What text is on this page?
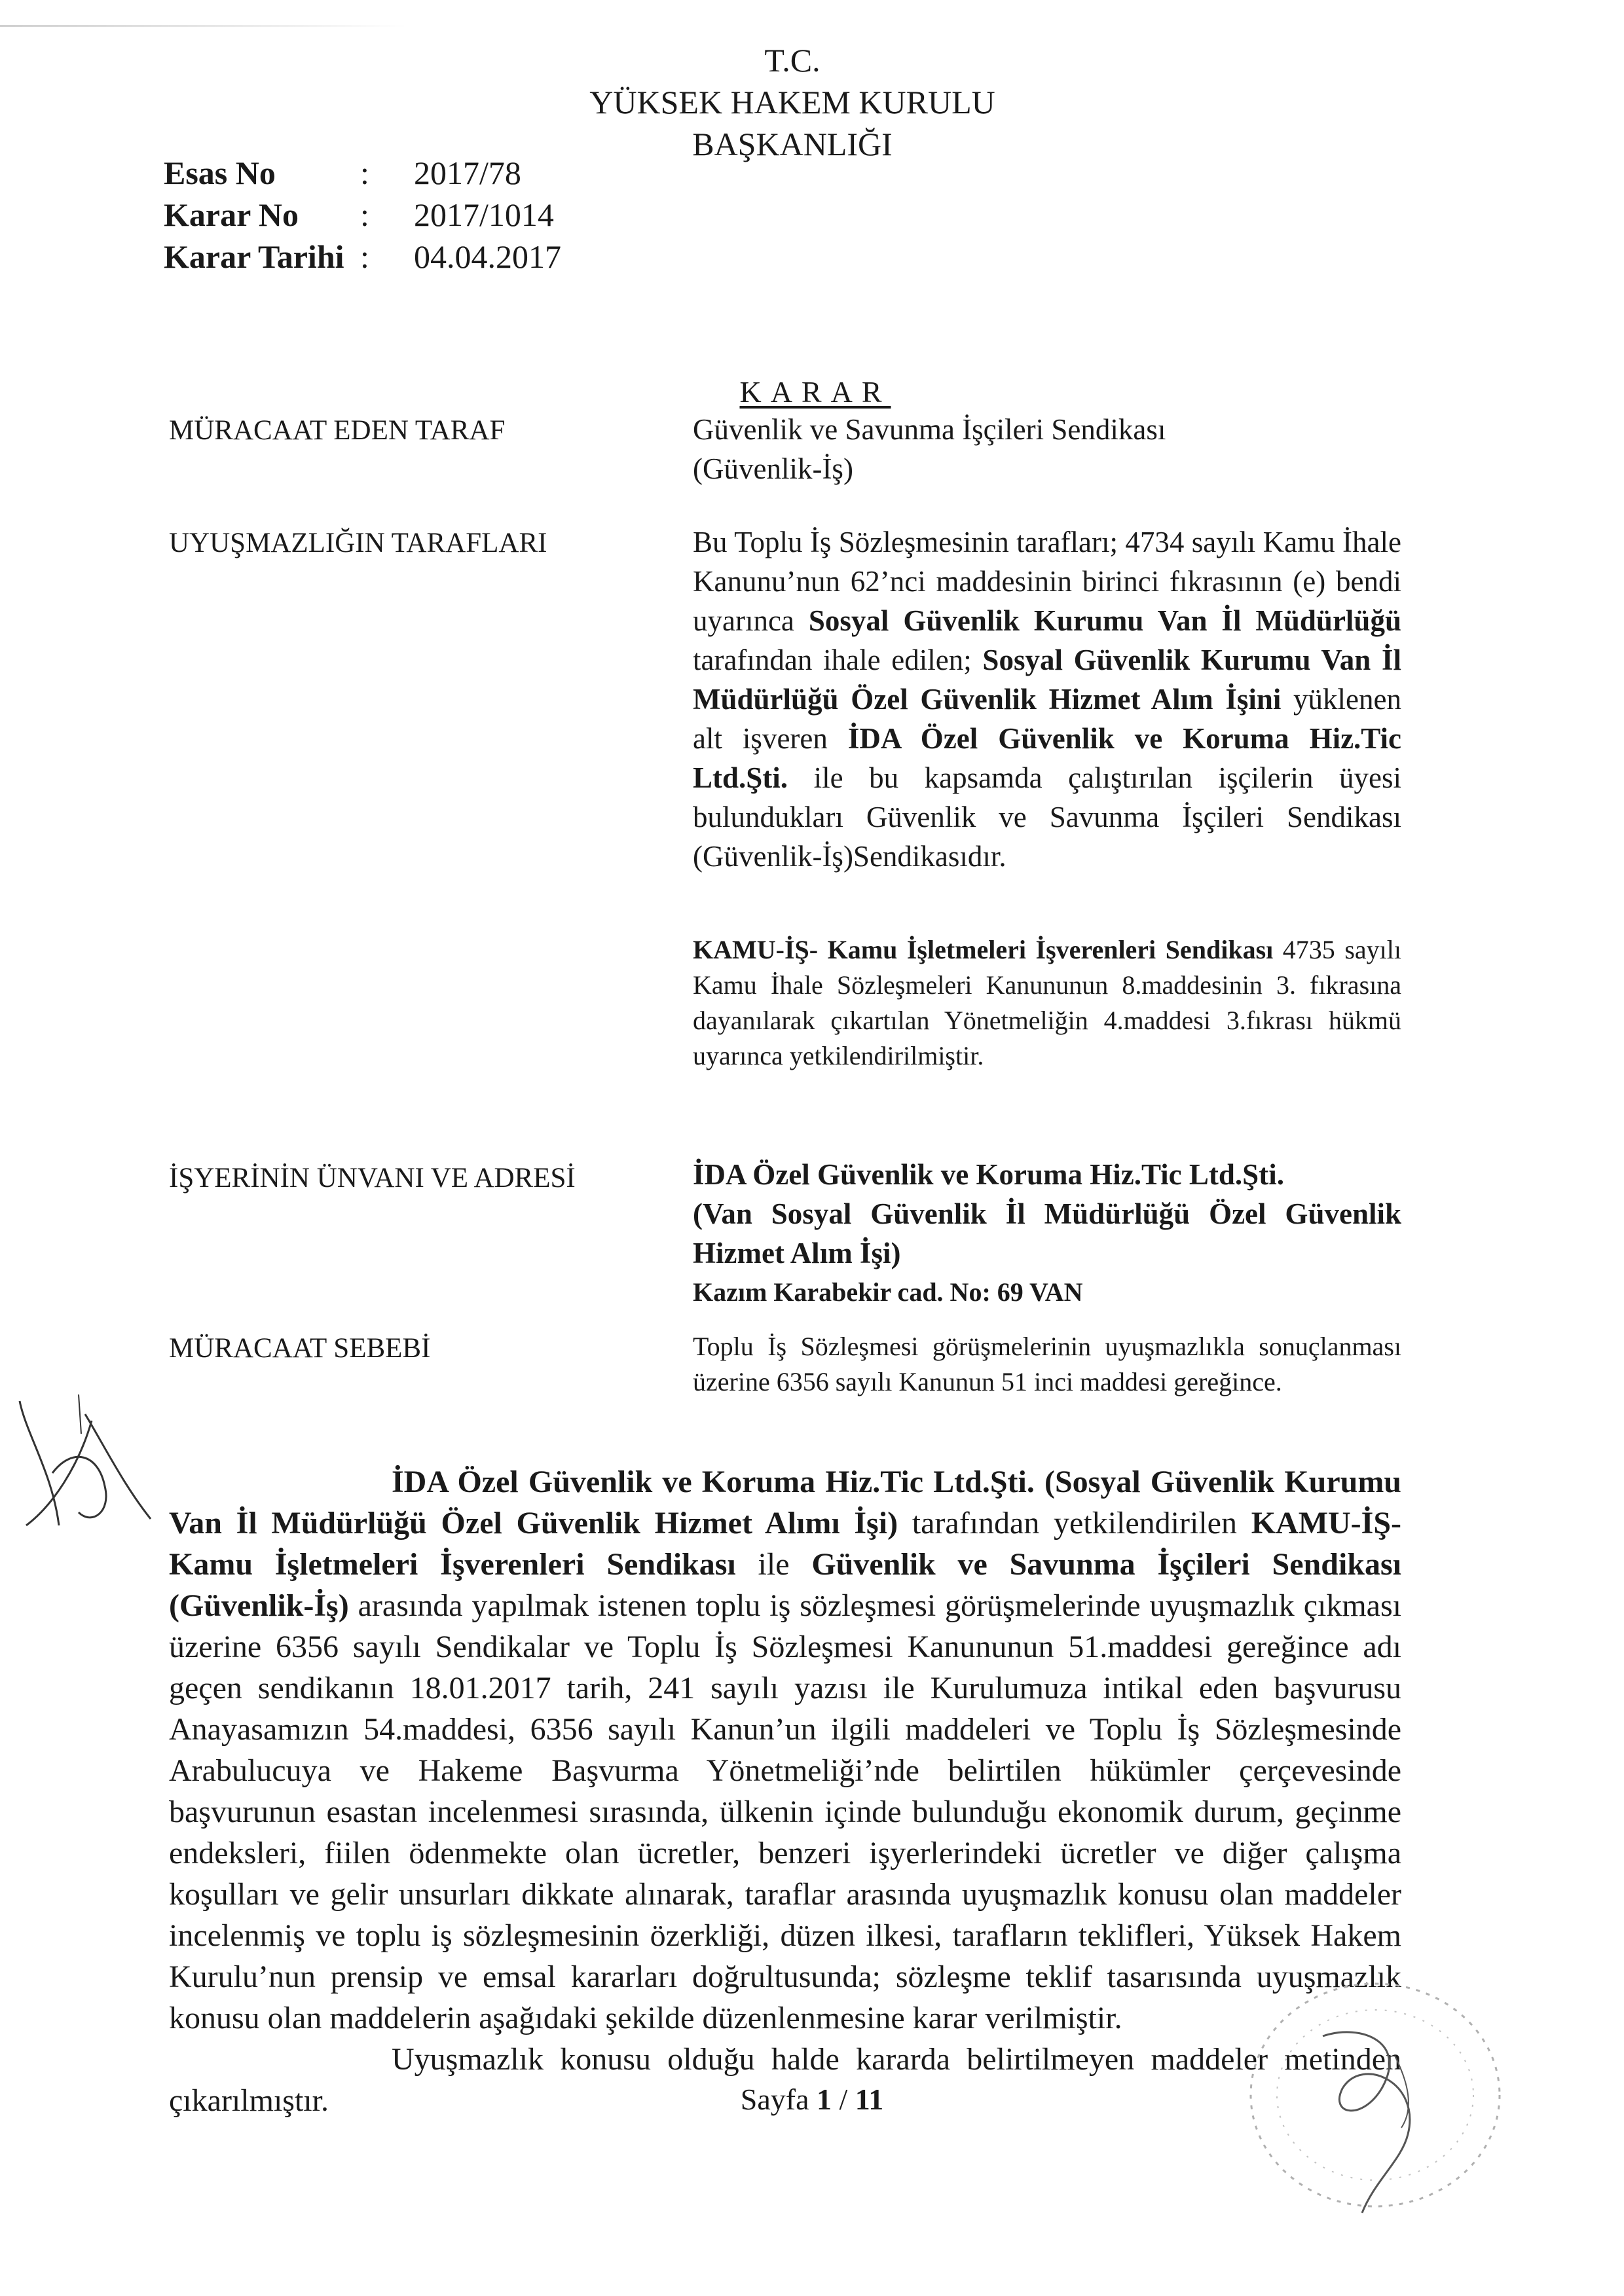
T.C.
YÜKSEK HAKEM KURULU
BAŞKANLIĞI
Esas No	:	2017/78
Karar No	:	2017/1014
Karar Tarihi :	04.04.2017
KARAR
MÜRACAAT EDEN TARAF	Güvenlik ve Savunma İşçileri Sendikası (Güvenlik-İş)
UYUŞMAZLIĞIN TARAFLARI	Bu Toplu İş Sözleşmesinin tarafları; 4734 sayılı Kamu İhale Kanunu’nun 62’nci maddesinin birinci fıkrasının (e) bendi uyarınca Sosyal Güvenlik Kurumu Van İl Müdürlüğü tarafından ihale edilen; Sosyal Güvenlik Kurumu Van İl Müdürlüğü Özel Güvenlik Hizmet Alım İşini yüklenen alt işveren İDA Özel Güvenlik ve Koruma Hiz.Tic Ltd.Şti. ile bu kapsamda çalıştırılan işçilerin üyesi bulundukları Güvenlik ve Savunma İşçileri Sendikası (Güvenlik-İş)Sendikasıdır.
KAMU-İŞ- Kamu İşletmeleri İşverenleri Sendikası 4735 sayılı Kamu İhale Sözleşmeleri Kanununun 8.maddesinin 3. fıkrasına dayanılarak çıkartılan Yönetmeliğin 4.maddesi 3.fıkrası hükmü uyarınca yetkilendirilmiştir.
İŞYERİNİN ÜNVANI VE ADRESİ	İDA Özel Güvenlik ve Koruma Hiz.Tic Ltd.Şti.
(Van Sosyal Güvenlik İl Müdürlüğü Özel Güvenlik Hizmet Alım İşi)
Kazım Karabekir cad. No: 69 VAN
MÜRACAAT SEBEBİ	Toplu İş Sözleşmesi görüşmelerinin uyuşmazlıkla sonuçlanması üzerine 6356 sayılı Kanunun 51 inci maddesi gereğince.

İDA Özel Güvenlik ve Koruma Hiz.Tic Ltd.Şti. (Sosyal Güvenlik Kurumu Van İl Müdürlüğü Özel Güvenlik Hizmet Alımı İşi) tarafından yetkilendirilen KAMU-İŞ- Kamu İşletmeleri İşverenleri Sendikası ile Güvenlik ve Savunma İşçileri Sendikası (Güvenlik-İş) arasında yapılmak istenen toplu iş sözleşmesi görüşmelerinde uyuşmazlık çıkması üzerine 6356 sayılı Sendikalar ve Toplu İş Sözleşmesi Kanununun 51.maddesi gereğince adı geçen sendikanın 18.01.2017 tarih, 241 sayılı yazısı ile Kurulumuza intikal eden başvurusu Anayasamızın 54.maddesi, 6356 sayılı Kanun’un ilgili maddeleri ve Toplu İş Sözleşmesinde Arabulucuya ve Hakeme Başvurma Yönetmeliği’nde belirtilen hükümler çerçevesinde başvurunun esastan incelenmesi sırasında, ülkenin içinde bulunduğu ekonomik durum, geçinme endeksleri, fiilen ödenmekte olan ücretler, benzeri işyerlerindeki ücretler ve diğer çalışma koşulları ve gelir unsurları dikkate alınarak, taraflar arasında uyuşmazlık konusu olan maddeler incelenmiş ve toplu iş sözleşmesinin özerkliği, düzen ilkesi, tarafların teklifleri, Yüksek Hakem Kurulu’nun prensip ve emsal kararları doğrultusunda; sözleşme teklif tasarısında uyuşmazlık konusu olan maddelerin aşağıdaki şekilde düzenlenmesine karar verilmiştir.

Uyuşmazlık konusu olduğu halde kararda belirtilmeyen maddeler metinden çıkarılmıştır.	Sayfa 1 / 11
